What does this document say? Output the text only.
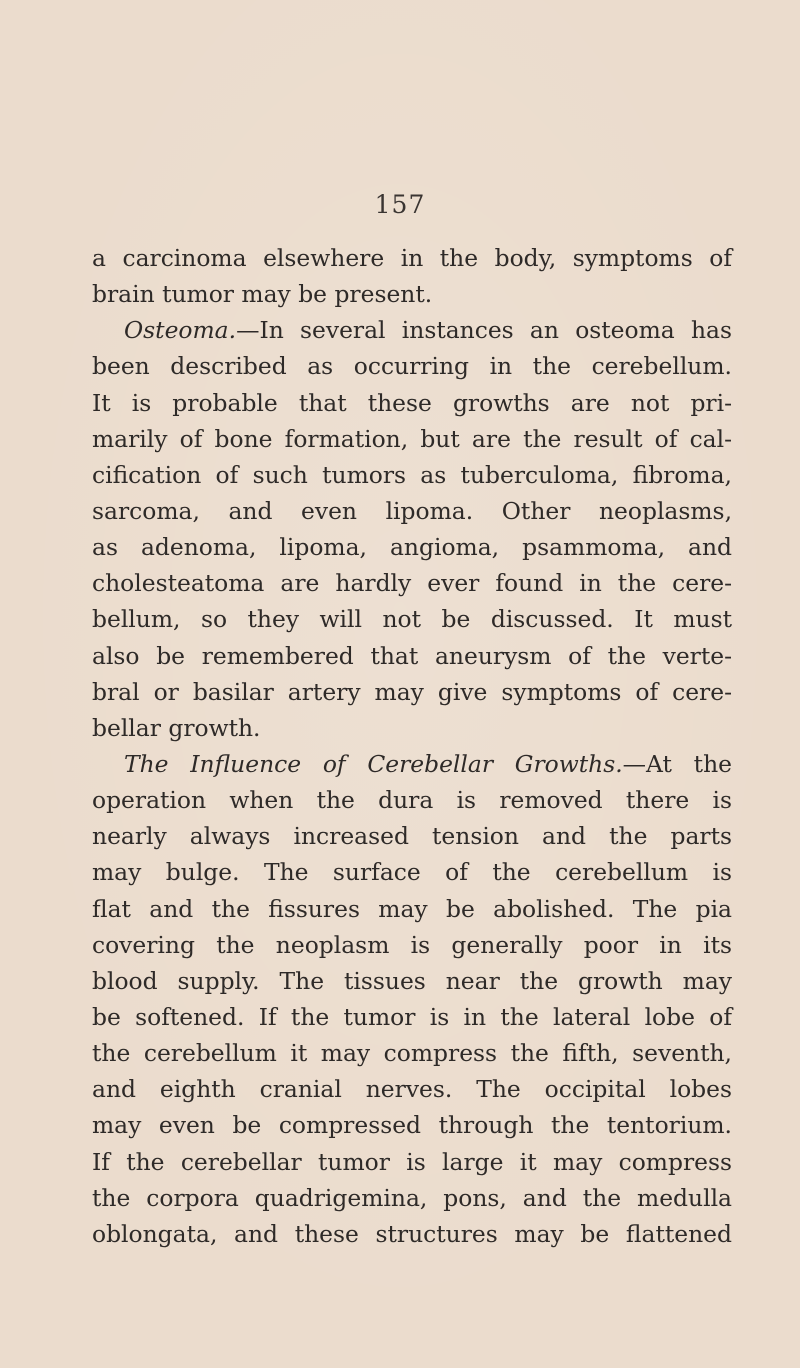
157
a carcinoma elsewhere in the body, symptoms of
brain tumor may be present.
Osteoma.—In several instances an osteoma has
been described as occurring in the cerebellum.
It is probable that these growths are not pri-
marily of bone formation, but are the result of cal-
cification of such tumors as tuberculoma, fibroma,
sarcoma, and even lipoma. Other neoplasms,
as adenoma, lipoma, angioma, psammoma, and
cholesteatoma are hardly ever found in the cere-
bellum, so they will not be discussed. It must
also be remembered that aneurysm of the verte-
bral or basilar artery may give symptoms of cere-
bellar growth.
The Influence of Cerebellar Growths.—At the
operation when the dura is removed there is
nearly always increased tension and the parts
may bulge. The surface of the cerebellum is
flat and the fissures may be abolished. The pia
covering the neoplasm is generally poor in its
blood supply. The tissues near the growth may
be softened. If the tumor is in the lateral lobe of
the cerebellum it may compress the fifth, seventh,
and eighth cranial nerves. The occipital lobes
may even be compressed through the tentorium.
If the cerebellar tumor is large it may compress
the corpora quadrigemina, pons, and the medulla
oblongata, and these structures may be flattened
